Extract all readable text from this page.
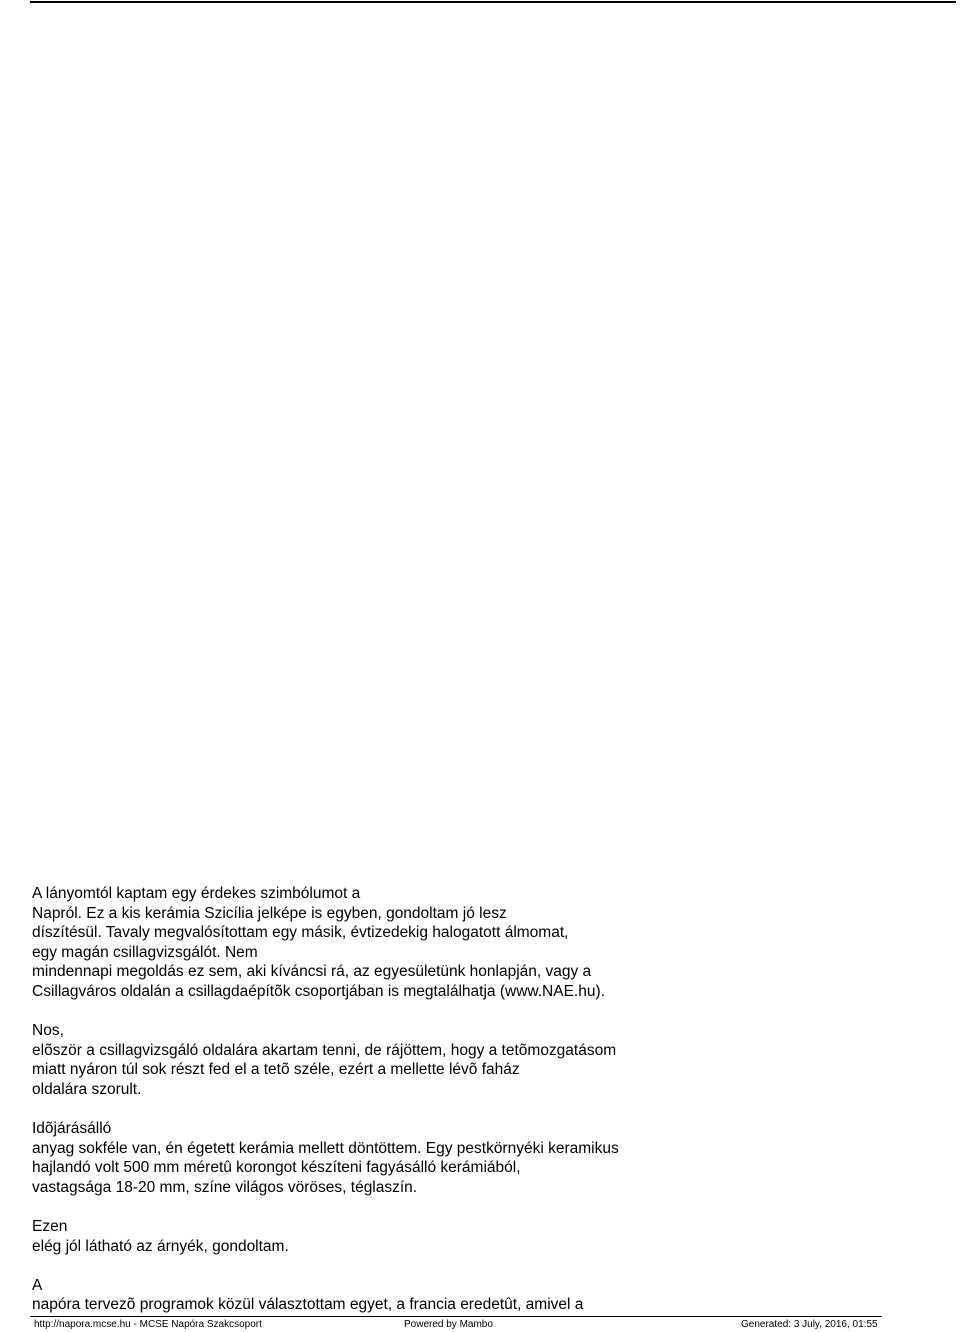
A lányomtól kaptam egy érdekes szimbólumot a
Napról. Ez a kis kerámia Szicília jelképe is egyben, gondoltam jó lesz
díszítésül. Tavaly megvalósítottam egy másik, évtizedekig halogatott álmomat,
egy magán csillagvizsgálót. Nem
mindennapi megoldás ez sem, aki kíváncsi rá, az egyesületünk honlapján, vagy a
Csillagváros oldalán a csillagdaépítõk csoportjában is megtalálhatja (www.NAE.hu).
Nos,
elõször a csillagvizsgáló oldalára akartam tenni, de rájöttem, hogy a tetõmozgatásom
miatt nyáron túl sok részt fed el a tetõ széle, ezért a mellette lévõ faház
oldalára szorult.
Idõjárásálló
anyag sokféle van, én égetett kerámia mellett döntöttem. Egy pestkörnyéki keramikus
hajlandó volt 500 mm méretû korongot készíteni fagyásálló kerámiából,
vastagsága 18-20 mm, színe világos vöröses, téglaszín.
Ezen
elég jól látható az árnyék, gondoltam.
A
napóra tervezõ programok közül választottam egyet, a francia eredetût, amivel a
http://napora.mcse.hu - MCSE Napóra Szakcsoport	Powered by Mambo	Generated: 3 July, 2016, 01:55
